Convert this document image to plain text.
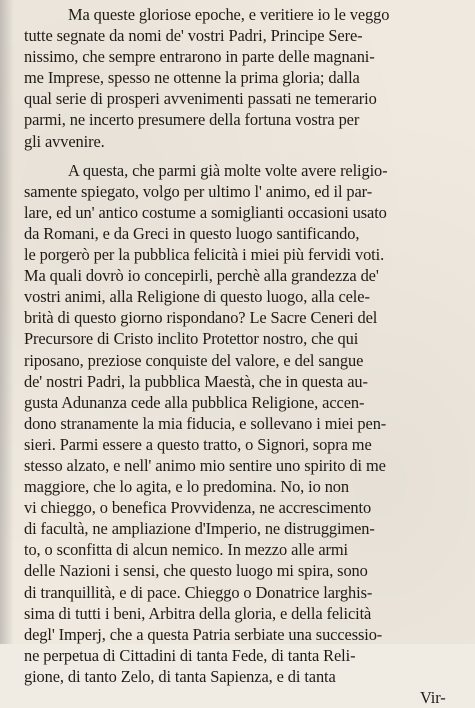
Ma queste gloriose epoche, e veritiere io le veggo
tutte segnate da nomi de' vostri Padri, Principe Sere-
nissimo, che sempre entrarono in parte delle magnani-
me Imprese, spesso ne ottenne la prima gloria; dalla
qual serie di prosperi avvenimenti passati ne temerario
parmi, ne incerto presumere della fortuna vostra per
gli avvenire.
A questa, che parmi già molte volte avere religio-
samente spiegato, volgo per ultimo l' animo, ed il par-
lare, ed un' antico costume a somiglianti occasioni usato
da Romani, e da Greci in questo luogo santificando,
le porgerò per la pubblica felicità i miei più fervidi voti.
Ma quali dovrò io concepirli, perchè alla grandezza de'
vostri animi, alla Religione di questo luogo, alla cele-
brità di questo giorno rispondano? Le Sacre Ceneri del
Precursore di Cristo inclito Protettor nostro, che qui
riposano, preziose conquiste del valore, e del sangue
de' nostri Padri, la pubblica Maestà, che in questa au-
gusta Adunanza cede alla pubblica Religione, accen-
dono stranamente la mia fiducia, e sollevano i miei pen-
sieri. Parmi essere a questo tratto, o Signori, sopra me
stesso alzato, e nell' animo mio sentire uno spirito di me
maggiore, che lo agita, e lo predomina. No, io non
vi chieggo, o benefica Provvidenza, ne accrescimento
di facultà, ne ampliazione d'Imperio, ne distruggimen-
to, o sconfitta di alcun nemico. In mezzo alle armi
delle Nazioni i sensi, che questo luogo mi spira, sono
di tranquillità, e di pace. Chieggo o Donatrice larghis-
sima di tutti i beni, Arbitra della gloria, e della felicità
degl' Imperj, che a questa Patria serbiate una successio-
ne perpetua di Cittadini di tanta Fede, di tanta Reli-
gione, di tanto Zelo, di tanta Sapienza, e di tanta
Vir-
